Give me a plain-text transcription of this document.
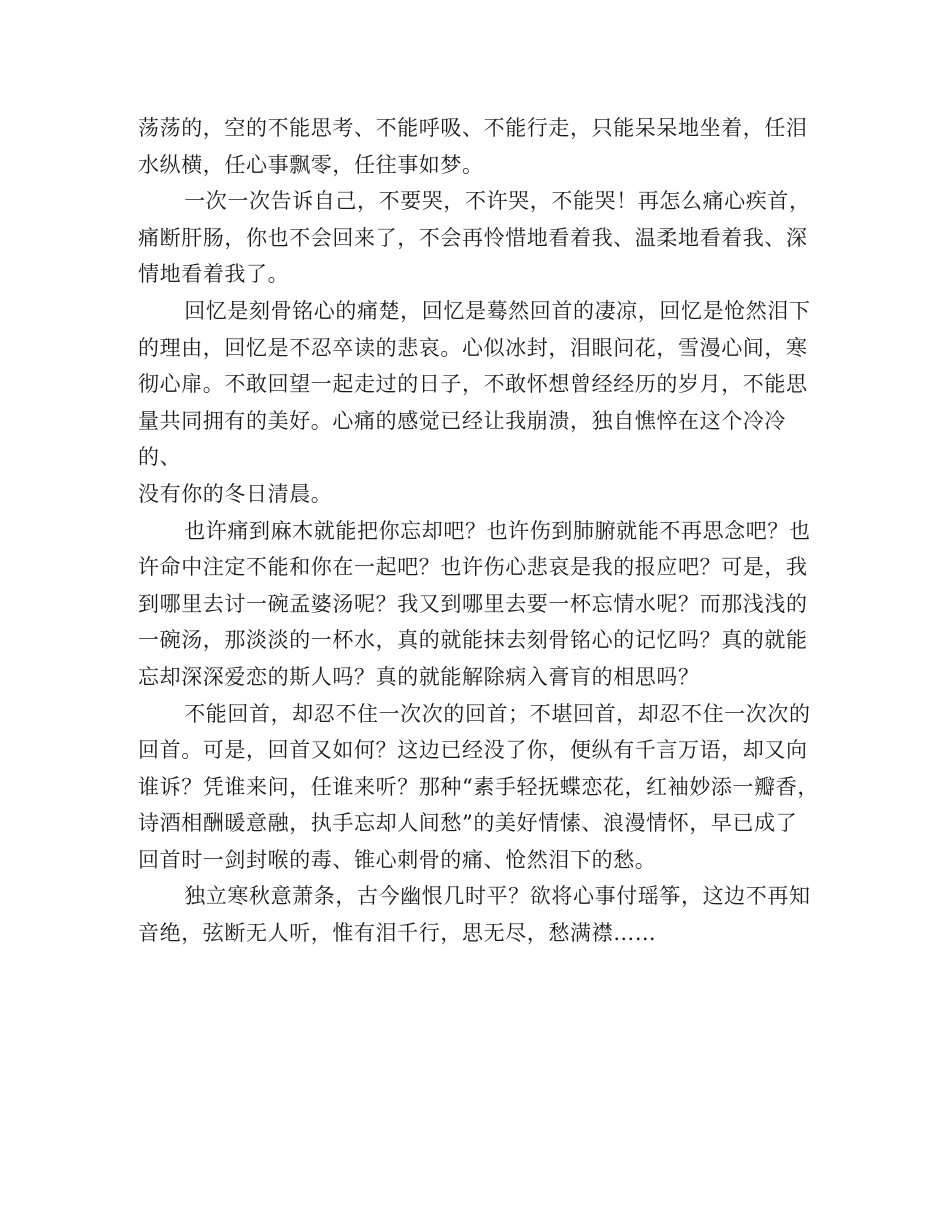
荡荡的，空的不能思考、不能呼吸、不能行走，只能呆呆地坐着，任泪
水纵横，任心事飘零，任往事如梦。

一次一次告诉自己，不要哭，不许哭，不能哭！再怎么痛心疾首，
痛断肝肠，你也不会回来了，不会再怜惜地看着我、温柔地看着我、深
情地看着我了。

回忆是刻骨铭心的痛楚，回忆是蓦然回首的凄凉，回忆是怆然泪下
的理由，回忆是不忍卒读的悲哀。心似冰封，泪眼问花，雪漫心间，寒
彻心扉。不敢回望一起走过的日子，不敢怀想曾经经历的岁月，不能思
量共同拥有的美好。心痛的感觉已经让我崩溃，独自憔悴在这个冷冷的、
没有你的冬日清晨。

也许痛到麻木就能把你忘却吧？也许伤到肺腑就能不再思念吧？也
许命中注定不能和你在一起吧？也许伤心悲哀是我的报应吧？可是，我
到哪里去讨一碗孟婆汤呢？我又到哪里去要一杯忘情水呢？而那浅浅的
一碗汤，那淡淡的一杯水，真的就能抹去刻骨铭心的记忆吗？真的就能
忘却深深爱恋的斯人吗？真的就能解除病入膏肓的相思吗？

不能回首，却忍不住一次次的回首；不堪回首，却忍不住一次次的
回首。可是，回首又如何？这边已经没了你，便纵有千言万语，却又向
谁诉？凭谁来问，任谁来听？那种“素手轻抚蝶恋花，红袖妙添一瓣香，
诗酒相酬暖意融，执手忘却人间愁”的美好情愫、浪漫情怀，早已成了
回首时一剑封喉的毒、锥心刺骨的痛、怆然泪下的愁。

独立寒秋意萧条，古今幽恨几时平？欲将心事付瑶筝，这边不再知
音绝，弦断无人听，惟有泪千行，思无尽，愁满襟……
